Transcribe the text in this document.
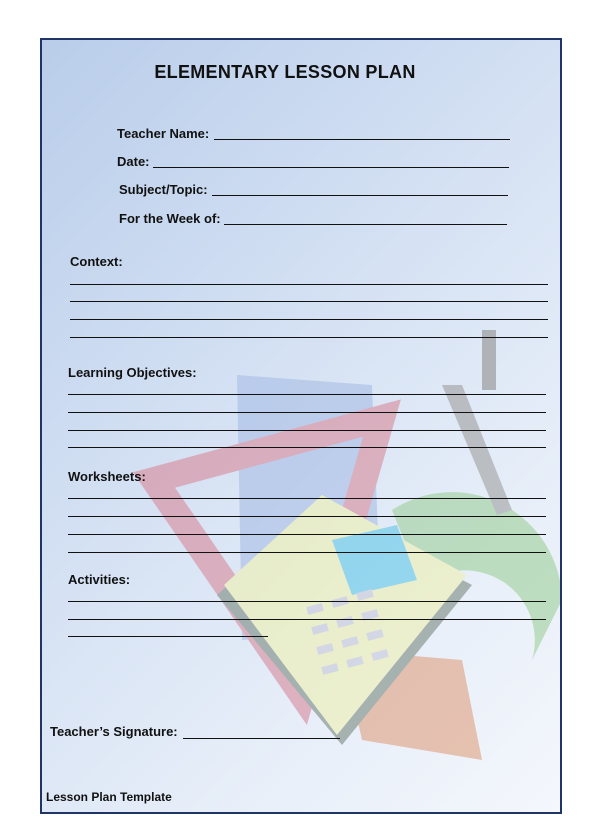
ELEMENTARY LESSON PLAN
Teacher Name:
Date:
Subject/Topic:
For the Week of:
Context:
Learning Objectives:
Worksheets:
Activities:
Teacher’s Signature:
Lesson Plan Template
